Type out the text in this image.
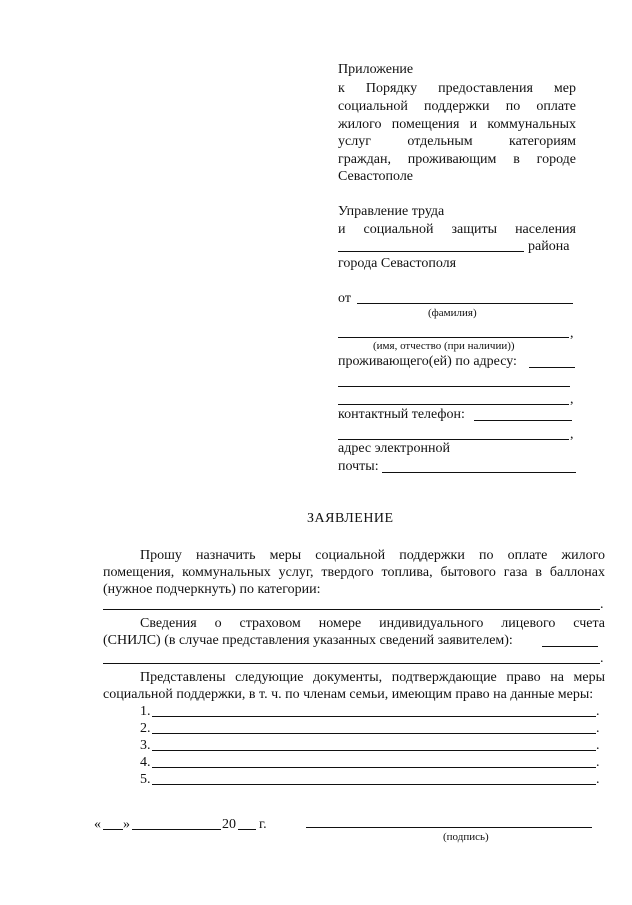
Приложение
к Порядку предоставления мер
социальной поддержки по оплате
жилого помещения и коммунальных
услуг отдельным категориям
граждан, проживающим в городе
Севастополе
Управление труда
и социальной защиты населения
района
города Севастополя
от
(фамилия)
,
(имя, отчество (при наличии))
проживающего(ей) по адресу:
,
контактный телефон:
,
адрес электронной
почты:
ЗАЯВЛЕНИЕ
Прошу назначить меры социальной поддержки по оплате жилого
помещения, коммунальных услуг, твердого топлива, бытового газа в баллонах
(нужное подчеркнуть) по категории:
.
Сведения о страховом номере индивидуального лицевого счета
(СНИЛС) (в случае представления указанных сведений заявителем):
.
Представлены следующие документы, подтверждающие право на меры
социальной поддержки, в т. ч. по членам семьи, имеющим право на данные меры:
1.	.
2.	.
3.	.
4.	.
5.	.
« »	20 г.
(подпись)
